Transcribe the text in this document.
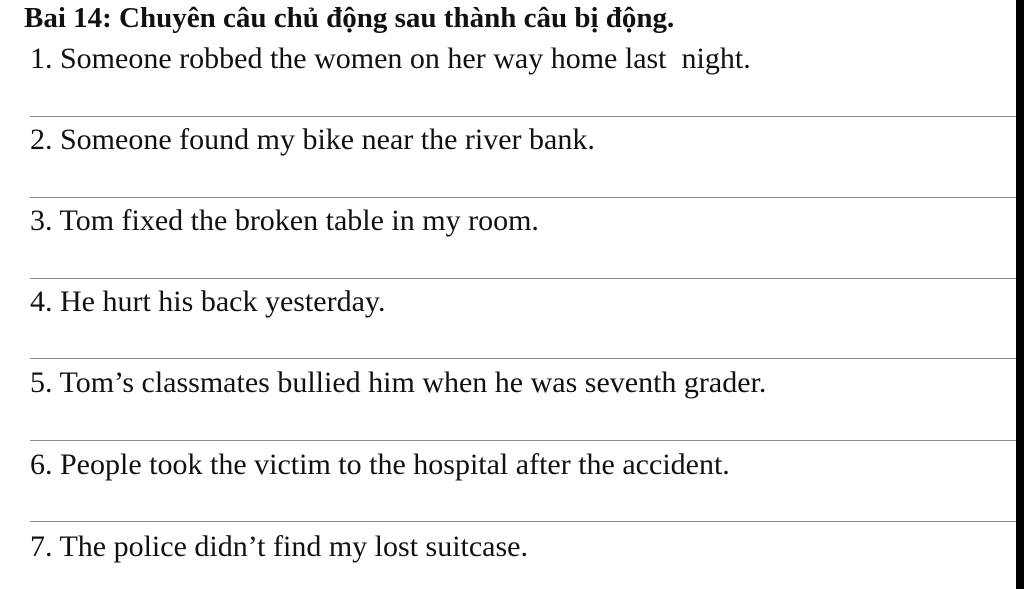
Bai 14: Chuyên câu chủ động sau thành câu bị động.
1. Someone robbed the women on her way home last  night.
2. Someone found my bike near the river bank.
3. Tom fixed the broken table in my room.
4. He hurt his back yesterday.
5. Tom’s classmates bullied him when he was seventh grader.
6. People took the victim to the hospital after the accident.
7. The police didn’t find my lost suitcase.
